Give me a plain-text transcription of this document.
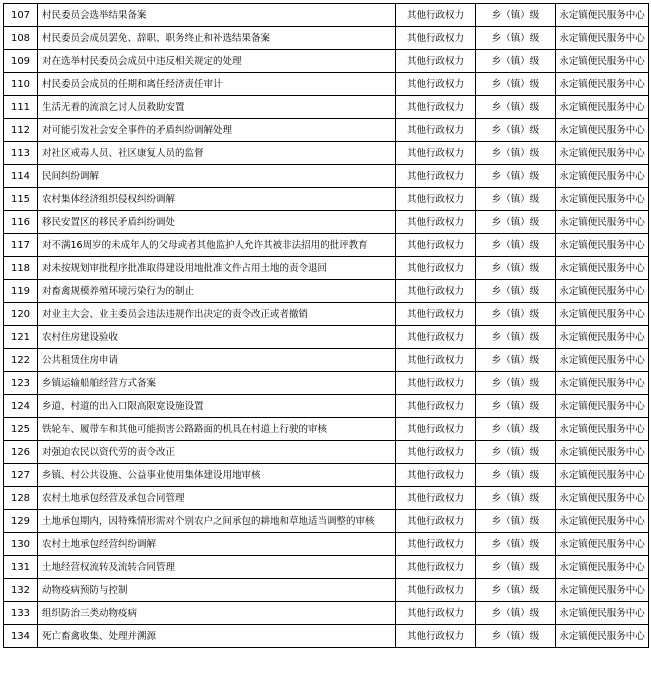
107	村民委员会选举结果备案	其他行政权力	乡（镇）级	永定镇便民服务中心
108	村民委员会成员罢免、辞职、职务终止和补选结果备案	其他行政权力	乡（镇）级	永定镇便民服务中心
109	对在选举村民委员会成员中违反相关规定的处理	其他行政权力	乡（镇）级	永定镇便民服务中心
110	村民委员会成员的任期和离任经济责任审计	其他行政权力	乡（镇）级	永定镇便民服务中心
111	生活无着的流浪乞讨人员救助安置	其他行政权力	乡（镇）级	永定镇便民服务中心
112	对可能引发社会安全事件的矛盾纠纷调解处理	其他行政权力	乡（镇）级	永定镇便民服务中心
113	对社区戒毒人员、社区康复人员的监督	其他行政权力	乡（镇）级	永定镇便民服务中心
114	民间纠纷调解	其他行政权力	乡（镇）级	永定镇便民服务中心
115	农村集体经济组织侵权纠纷调解	其他行政权力	乡（镇）级	永定镇便民服务中心
116	移民安置区的移民矛盾纠纷调处	其他行政权力	乡（镇）级	永定镇便民服务中心
117	对不满16周岁的未成年人的父母或者其他监护人允许其被非法招用的批评教育	其他行政权力	乡（镇）级	永定镇便民服务中心
118	对未按规划审批程序批准取得建设用地批准文件占用土地的责令退回	其他行政权力	乡（镇）级	永定镇便民服务中心
119	对畜禽规模养殖环境污染行为的制止	其他行政权力	乡（镇）级	永定镇便民服务中心
120	对业主大会、业主委员会违法违规作出决定的责令改正或者撤销	其他行政权力	乡（镇）级	永定镇便民服务中心
121	农村住房建设验收	其他行政权力	乡（镇）级	永定镇便民服务中心
122	公共租赁住房申请	其他行政权力	乡（镇）级	永定镇便民服务中心
123	乡镇运输船舶经营方式备案	其他行政权力	乡（镇）级	永定镇便民服务中心
124	乡道、村道的出入口限高限宽设施设置	其他行政权力	乡（镇）级	永定镇便民服务中心
125	铁轮车、履带车和其他可能损害公路路面的机具在村道上行驶的审核	其他行政权力	乡（镇）级	永定镇便民服务中心
126	对强迫农民以资代劳的责令改正	其他行政权力	乡（镇）级	永定镇便民服务中心
127	乡镇、村公共设施、公益事业使用集体建设用地审核	其他行政权力	乡（镇）级	永定镇便民服务中心
128	农村土地承包经营及承包合同管理	其他行政权力	乡（镇）级	永定镇便民服务中心
129	土地承包期内，因特殊情形需对个别农户之间承包的耕地和草地适当调整的审核	其他行政权力	乡（镇）级	永定镇便民服务中心
130	农村土地承包经营纠纷调解	其他行政权力	乡（镇）级	永定镇便民服务中心
131	土地经营权流转及流转合同管理	其他行政权力	乡（镇）级	永定镇便民服务中心
132	动物疫病预防与控制	其他行政权力	乡（镇）级	永定镇便民服务中心
133	组织防治三类动物疫病	其他行政权力	乡（镇）级	永定镇便民服务中心
134	死亡畜禽收集、处理并溯源	其他行政权力	乡（镇）级	永定镇便民服务中心
